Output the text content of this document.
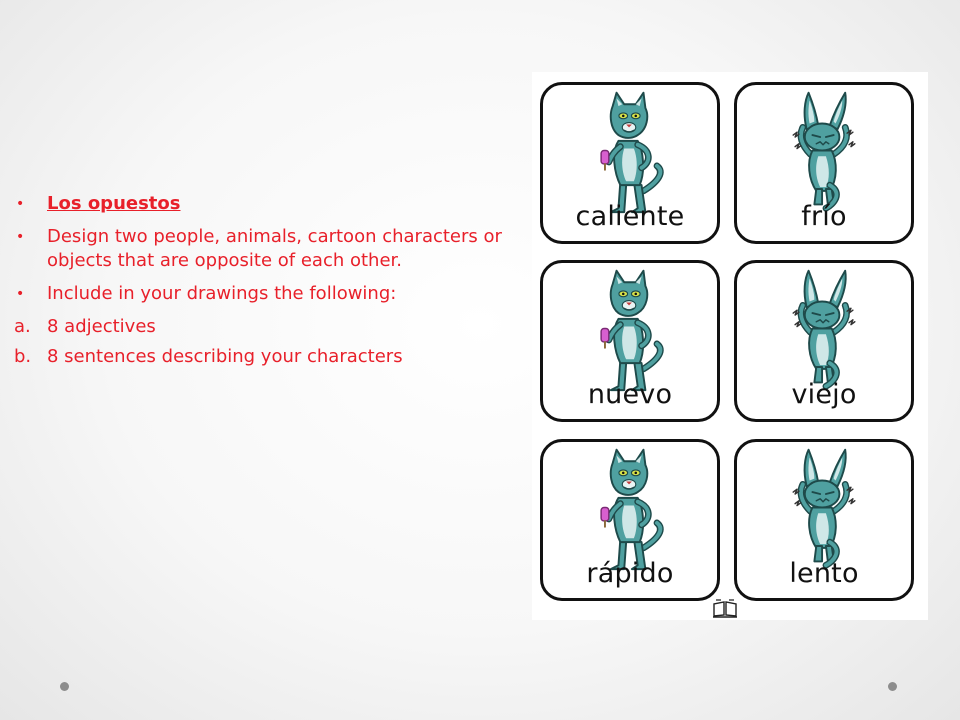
•	Los opuestos
•	Design two people, animals, cartoon characters or objects that are opposite of each other.
•	Include in your drawings the following:
a. 8 adjectives
b. 8 sentences describing your characters
caliente	frío
nuevo	viejo
rápido	lento
